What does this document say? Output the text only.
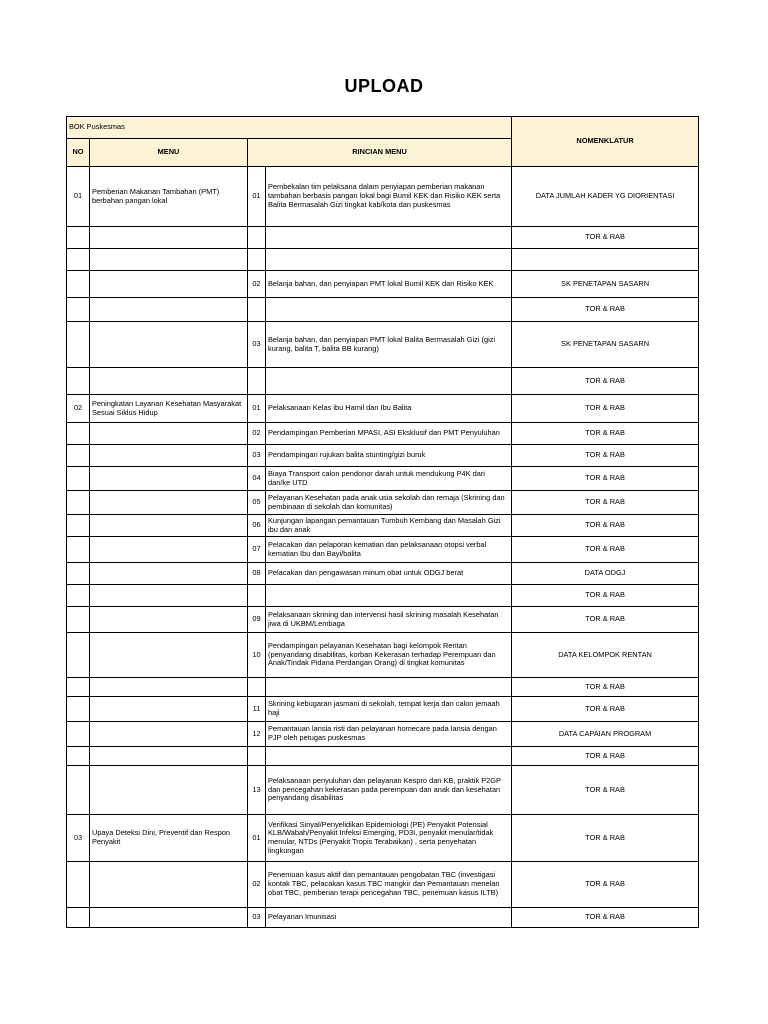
UPLOAD
BOK Puskesmas				NOMENKLATUR
NO	MENU	RINCIAN MENU		
01	Pemberian Makanan Tambahan (PMT) berbahan pangan lokal	01	Pembekalan tim pelaksana dalam penyiapan pemberian makanan tambahan berbasis pangan lokal bagi Bumil KEK dan Risiko KEK serta Balita Bermasalah Gizi tingkat kab/kota dan puskesmas	DATA JUMLAH KADER YG DIORIENTASI
				TOR & RAB

		02	Belanja bahan, dan penyiapan PMT lokal Bumil KEK dan Risiko KEK	SK PENETAPAN SASARN
				TOR & RAB
		03	Belanja bahan, dan penyiapan PMT lokal Balita Bermasalah Gizi (gizi kurang, balita T, balita BB kurang)	SK PENETAPAN SASARN
				TOR & RAB
02	Peningkatan Layanan Kesehatan Masyarakat Sesuai Siklus Hidup	01	Pelaksanaan Kelas ibu Hamil dan Ibu Balita	TOR & RAB
		02	Pendampingan Pemberian MPASI, ASI Eksklusif dan PMT Penyuluhan	TOR & RAB
		03	Pendampingan rujukan balita stunting/gizi buruk	TOR & RAB
		04	Biaya Transport calon pendonor darah untuk mendukung P4K dari dan/ke UTD	TOR & RAB
		05	Pelayanan Kesehatan pada anak usia sekolah dan remaja (Skrining dan pembinaan di sekolah dan komunitas)	TOR & RAB
		06	Kunjungan lapangan pemantauan Tumbuh Kembang dan Masalah Gizi ibu dan anak	TOR & RAB
		07	Pelacakan dan pelaporan kematian dan pelaksanaan otopsi verbal kematian Ibu dan Bayi/balita	TOR & RAB
		08	Pelacakan dan pengawasan minum obat untuk ODGJ berat	DATA ODGJ
				TOR & RAB
		09	Pelaksanaan skrining dan intervensi hasil skrining masalah Kesehatan jiwa di UKBM/Lembaga	TOR & RAB
		10	Pendampingan pelayanan Kesehatan bagi kelompok Rentan (penyandang disabilitas, korban Kekerasan terhadap Perempuan dan Anak/Tindak Pidana Perdangan Orang) di tingkat komunitas	DATA KELOMPOK RENTAN
				TOR & RAB
		11	Skrining kebugaran jasmani di sekolah, tempat kerja dan calon jemaah haji	TOR & RAB
		12	Pemantauan lansia risti dan pelayanan homecare pada lansia dengan PJP oleh petugas puskesmas	DATA CAPAIAN PROGRAM
				TOR & RAB
		13	Pelaksanaan penyuluhan dan pelayanan Kespro dan KB, praktik P2GP dan pencegahan kekerasan pada perempuan dan anak dan kesehatan penyandang disabilitas	TOR & RAB
03	Upaya Deteksi Dini, Preventif dan Respon Penyakit	01	Verifikasi Sinyal/Penyelidikan Epidemiologi (PE) Penyakit Potensial KLB/Wabah/Penyakit Infeksi Emerging, PD3I, penyakit menular/tidak menular, NTDs (Penyakit Tropis Terabaikan) , serta penyehatan lingkungan	TOR & RAB
		02	Penemuan kasus aktif dan pemantauan pengobatan TBC (investigasi kontak TBC, pelacakan kasus TBC mangkir dan Pemantauan menelan obat TBC, pemberian terapi pencegahan TBC, penemuan kasus ILTB)	TOR & RAB
		03	Pelayanan Imunisasi	TOR & RAB
